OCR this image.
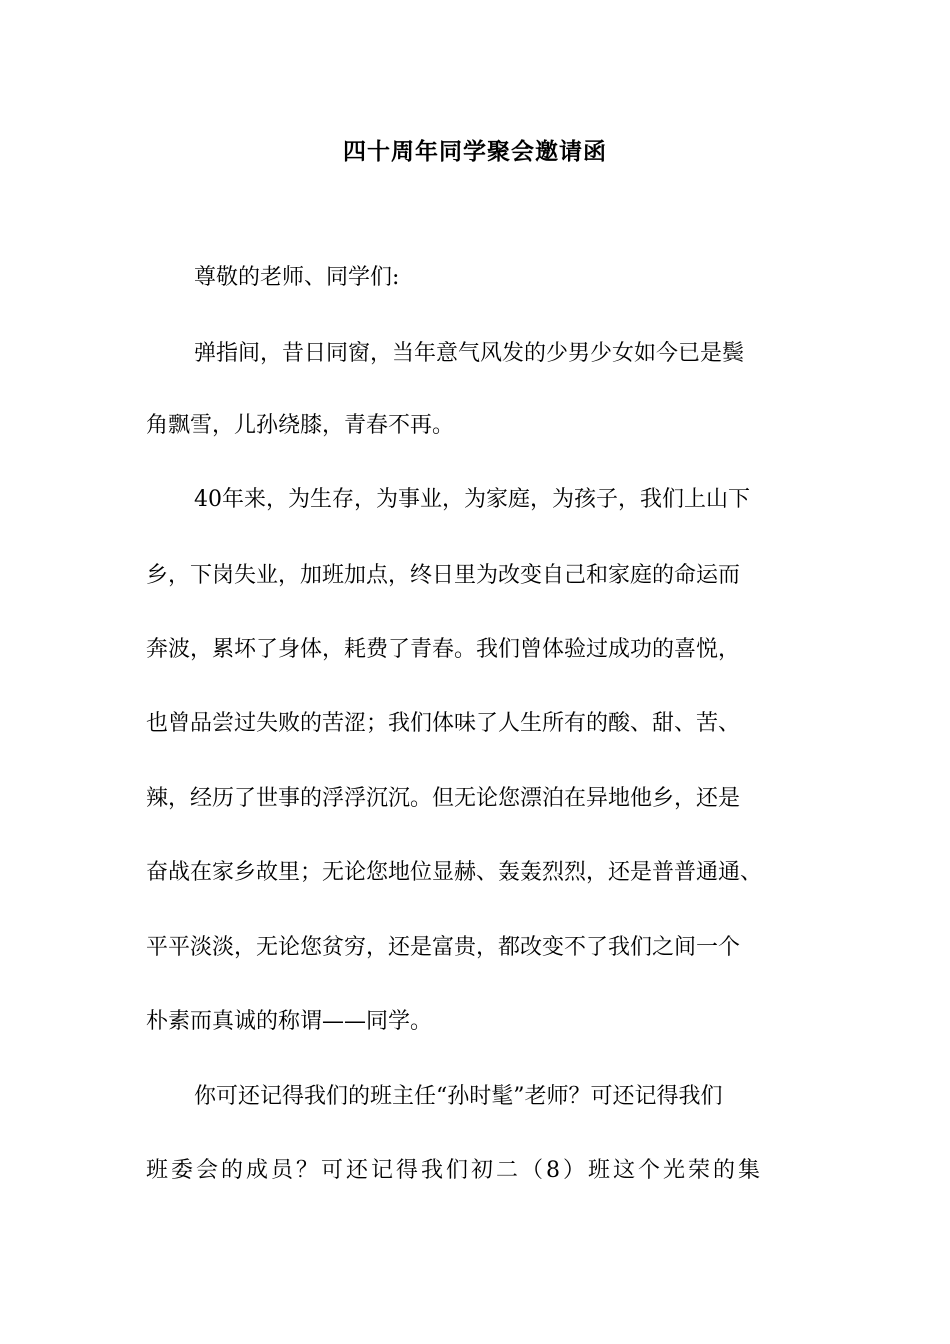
四十周年同学聚会邀请函
尊敬的老师、同学们:
弹指间，昔日同窗，当年意气风发的少男少女如今已是鬓
角飘雪，儿孙绕膝，青春不再。
40年来，为生存，为事业，为家庭，为孩子，我们上山下
乡，下岗失业，加班加点，终日里为改变自己和家庭的命运而
奔波，累坏了身体，耗费了青春。我们曾体验过成功的喜悦，
也曾品尝过失败的苦涩；我们体味了人生所有的酸、甜、苦、
辣，经历了世事的浮浮沉沉。但无论您漂泊在异地他乡，还是
奋战在家乡故里；无论您地位显赫、轰轰烈烈，还是普普通通、
平平淡淡，无论您贫穷，还是富贵，都改变不了我们之间一个
朴素而真诚的称谓——同学。
你可还记得我们的班主任“孙时髦”老师？可还记得我们
班委会的成员？可还记得我们初二（8）班这个光荣的集
